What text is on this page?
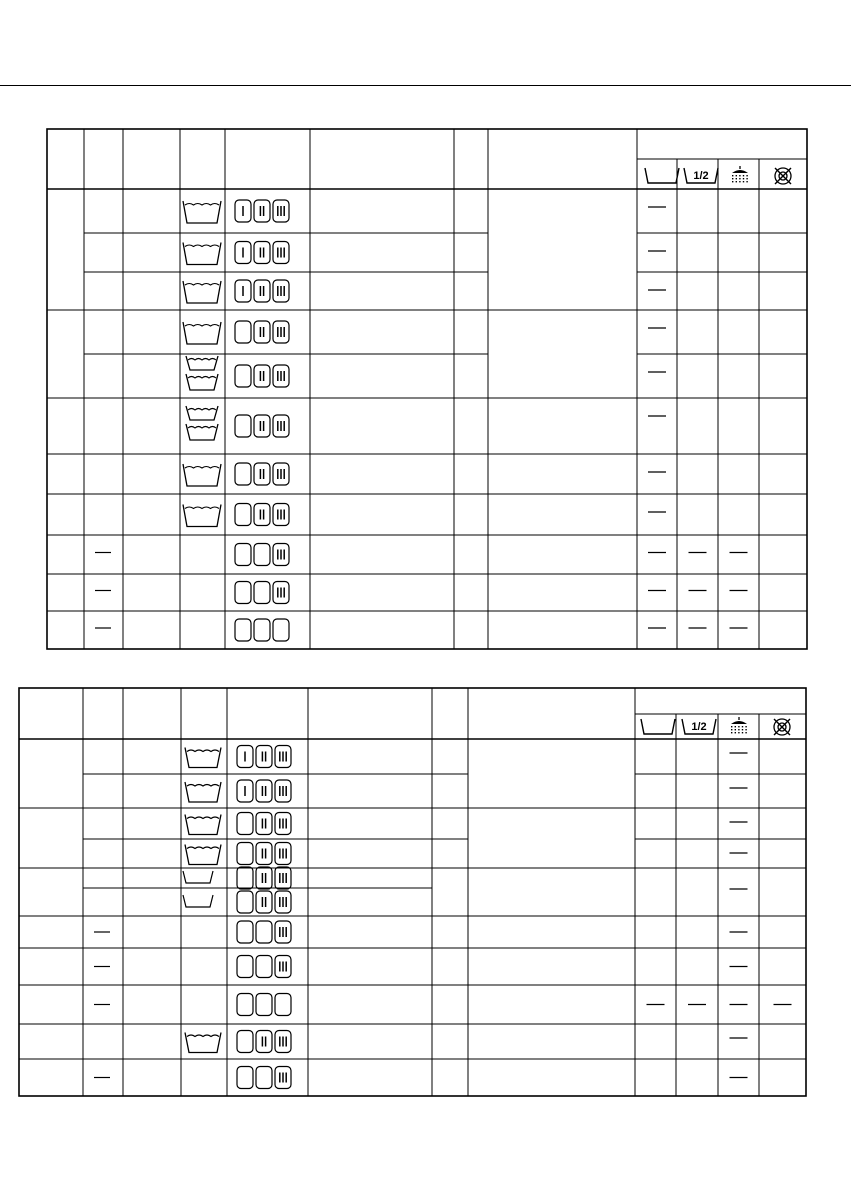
1/2
1/2
